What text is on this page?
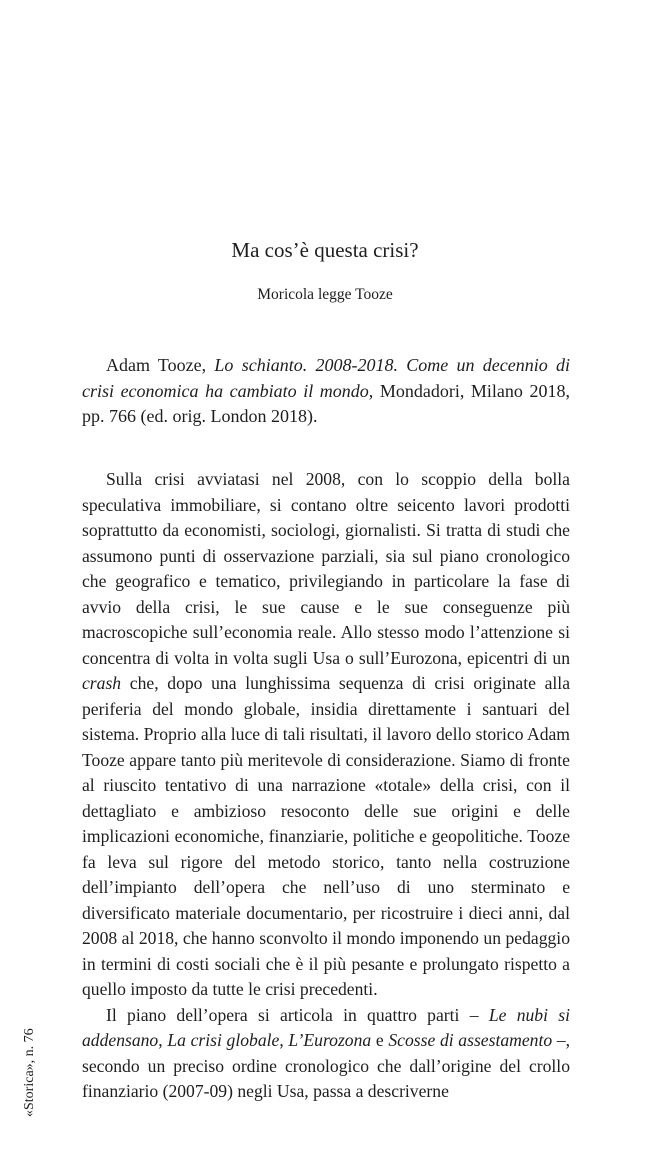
Ma cos’è questa crisi?
Moricola legge Tooze

Adam Tooze, Lo schianto. 2008-2018. Come un decennio di crisi economica ha cambiato il mondo, Mondadori, Milano 2018, pp. 766 (ed. orig. London 2018).

Sulla crisi avviatasi nel 2008, con lo scoppio della bolla speculativa immobiliare, si contano oltre seicento lavori prodotti soprattutto da economisti, sociologi, giornalisti. Si tratta di studi che assumono punti di osservazione parziali, sia sul piano cronologico che geografico e tematico, privilegiando in particolare la fase di avvio della crisi, le sue cause e le sue conseguenze più macroscopiche sull’economia reale. Allo stesso modo l’attenzione si concentra di volta in volta sugli Usa o sull’Eurozona, epicentri di un crash che, dopo una lunghissima sequenza di crisi originate alla periferia del mondo globale, insidia direttamente i santuari del sistema. Proprio alla luce di tali risultati, il lavoro dello storico Adam Tooze appare tanto più meritevole di considerazione. Siamo di fronte al riuscito tentativo di una narrazione «totale» della crisi, con il dettagliato e ambizioso resoconto delle sue origini e delle implicazioni economiche, finanziarie, politiche e geopolitiche. Tooze fa leva sul rigore del metodo storico, tanto nella costruzione dell’impianto dell’opera che nell’uso di uno sterminato e diversificato materiale documentario, per ricostruire i dieci anni, dal 2008 al 2018, che hanno sconvolto il mondo imponendo un pedaggio in termini di costi sociali che è il più pesante e prolungato rispetto a quello imposto da tutte le crisi precedenti.

Il piano dell’opera si articola in quattro parti – Le nubi si addensano, La crisi globale, L’Eurozona e Scosse di assestamento –, secondo un preciso ordine cronologico che dall’origine del crollo finanziario (2007-09) negli Usa, passa a descriverne

«Storica», n. 76
